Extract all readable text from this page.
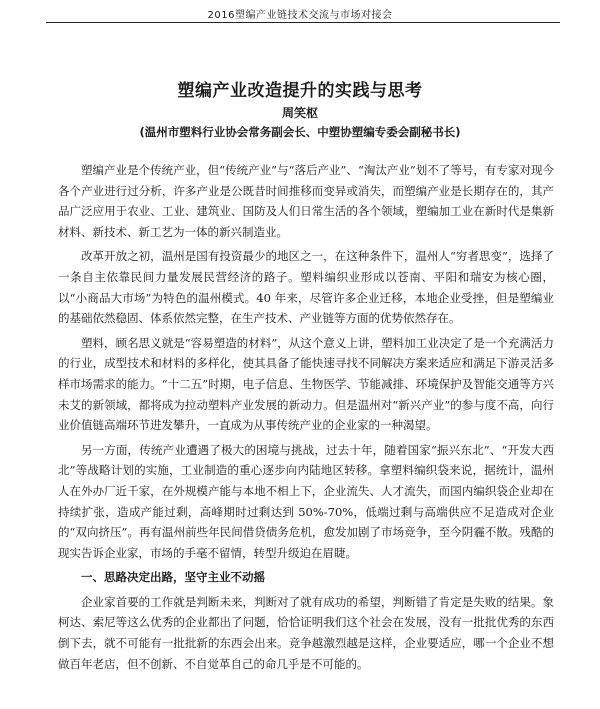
2016塑编产业链技术交流与市场对接会
塑编产业改造提升的实践与思考
周笑枢
(温州市塑料行业协会常务副会长、中塑协塑编专委会副秘书长)

塑编产业是个传统产业，但“传统产业”与“落后产业”、“淘汰产业”划不了等号，有专家对现今各个产业进行过分析，许多产业是公既昔时间推移而变异或消失，而塑编产业是长期存在的，其产品广泛应用于农业、工业、建筑业、国防及人们日常生活的各个领域，塑编加工业在新时代是集新材料、新技术、新工艺为一体的新兴制造业。

改革开放之初，温州是国有投资最少的地区之一，在这种条件下，温州人“穷者思变”，选择了一条自主依靠民间力量发展民营经济的路子。塑料编织业形成以苍南、平阳和瑞安为核心圈，以“小商品大市场”为特色的温州模式。40 年来，尽管许多企业迁移，本地企业受挫，但是塑编业的基础依然稳固、体系依然完整，在生产技术、产业链等方面的优势依然存在。

塑料，顾名思义就是“容易塑造的材料”，从这个意义上讲，塑料加工业决定了是一个充满活力的行业，成型技术和材料的多样化，使其具备了能快速寻找不同解决方案来适应和满足下游灵活多样市场需求的能力。“十二五”时期，电子信息、生物医学、节能减排、环境保护及智能交通等方兴未艾的新领域，都将成为拉动塑料产业发展的新动力。但是温州对“新兴产业”的参与度不高，向行业价值链高端环节进发攀升，一直成为从事传统产业的企业家的一种渴望。

另一方面，传统产业遭遇了极大的困境与挑战，过去十年，随着国家“振兴东北”、“开发大西北”等战略计划的实施，工业制造的重心逐步向内陆地区转移。拿塑料编织袋来说，据统计，温州人在外办厂近千家，在外规模产能与本地不相上下，企业流失、人才流失，而国内编织袋企业却在持续扩张，造成产能过剩，高峰期时过剩达到 50%-70%，低端过剩与高端供应不足造成对企业的“双向挤压”。再有温州前些年民间借贷债务危机，愈发加剧了市场竞争，至今阴霾不散。残酷的现实告诉企业家，市场的手毫不留情，转型升级迫在眉睫。

一、思路决定出路，坚守主业不动摇

企业家首要的工作就是判断未来，判断对了就有成功的希望，判断错了肯定是失败的结果。象柯达、索尼等这么优秀的企业都出了问题，恰恰证明我们这个社会在发展，没有一批批优秀的东西倒下去，就不可能有一批批新的东西会出来。竞争越激烈越是这样，企业要适应，哪一个企业不想做百年老店，但不创新、不自觉革自己的命几乎是不可能的。
